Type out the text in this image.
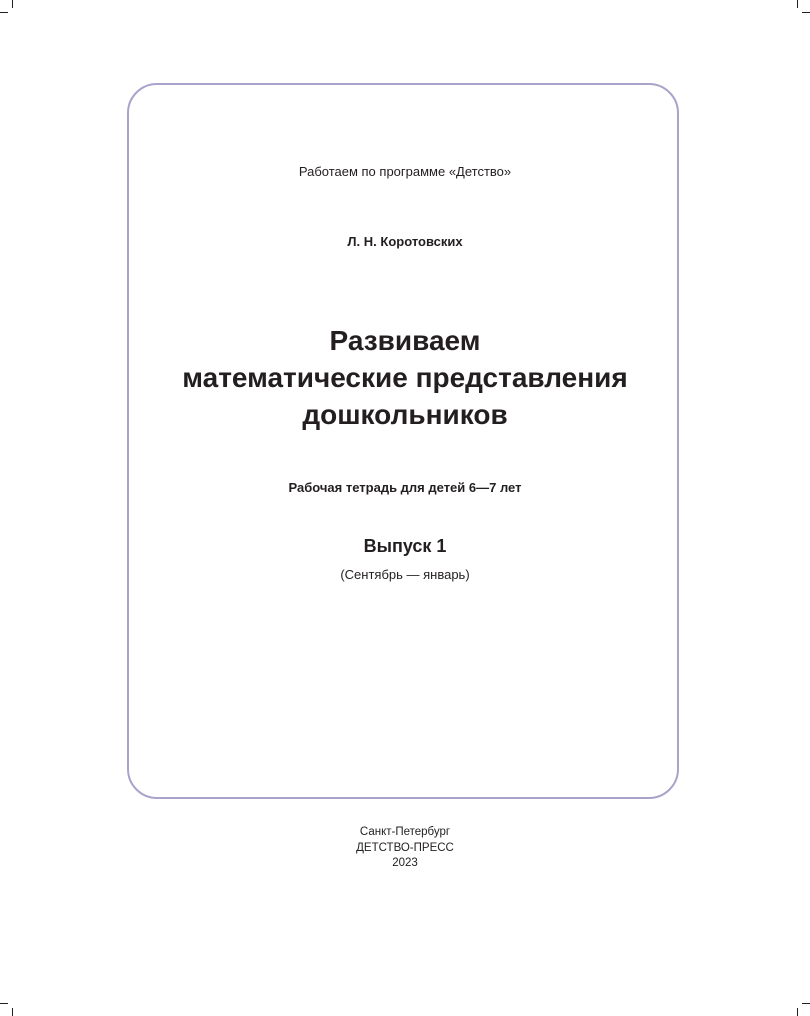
Работаем по программе «Детство»
Л. Н. Коротовских
Развиваем
математические представления
дошкольников
Рабочая тетрадь для детей 6—7 лет
Выпуск 1
(Сентябрь — январь)
Санкт-Петербург
ДЕТСТВО-ПРЕСС
2023
